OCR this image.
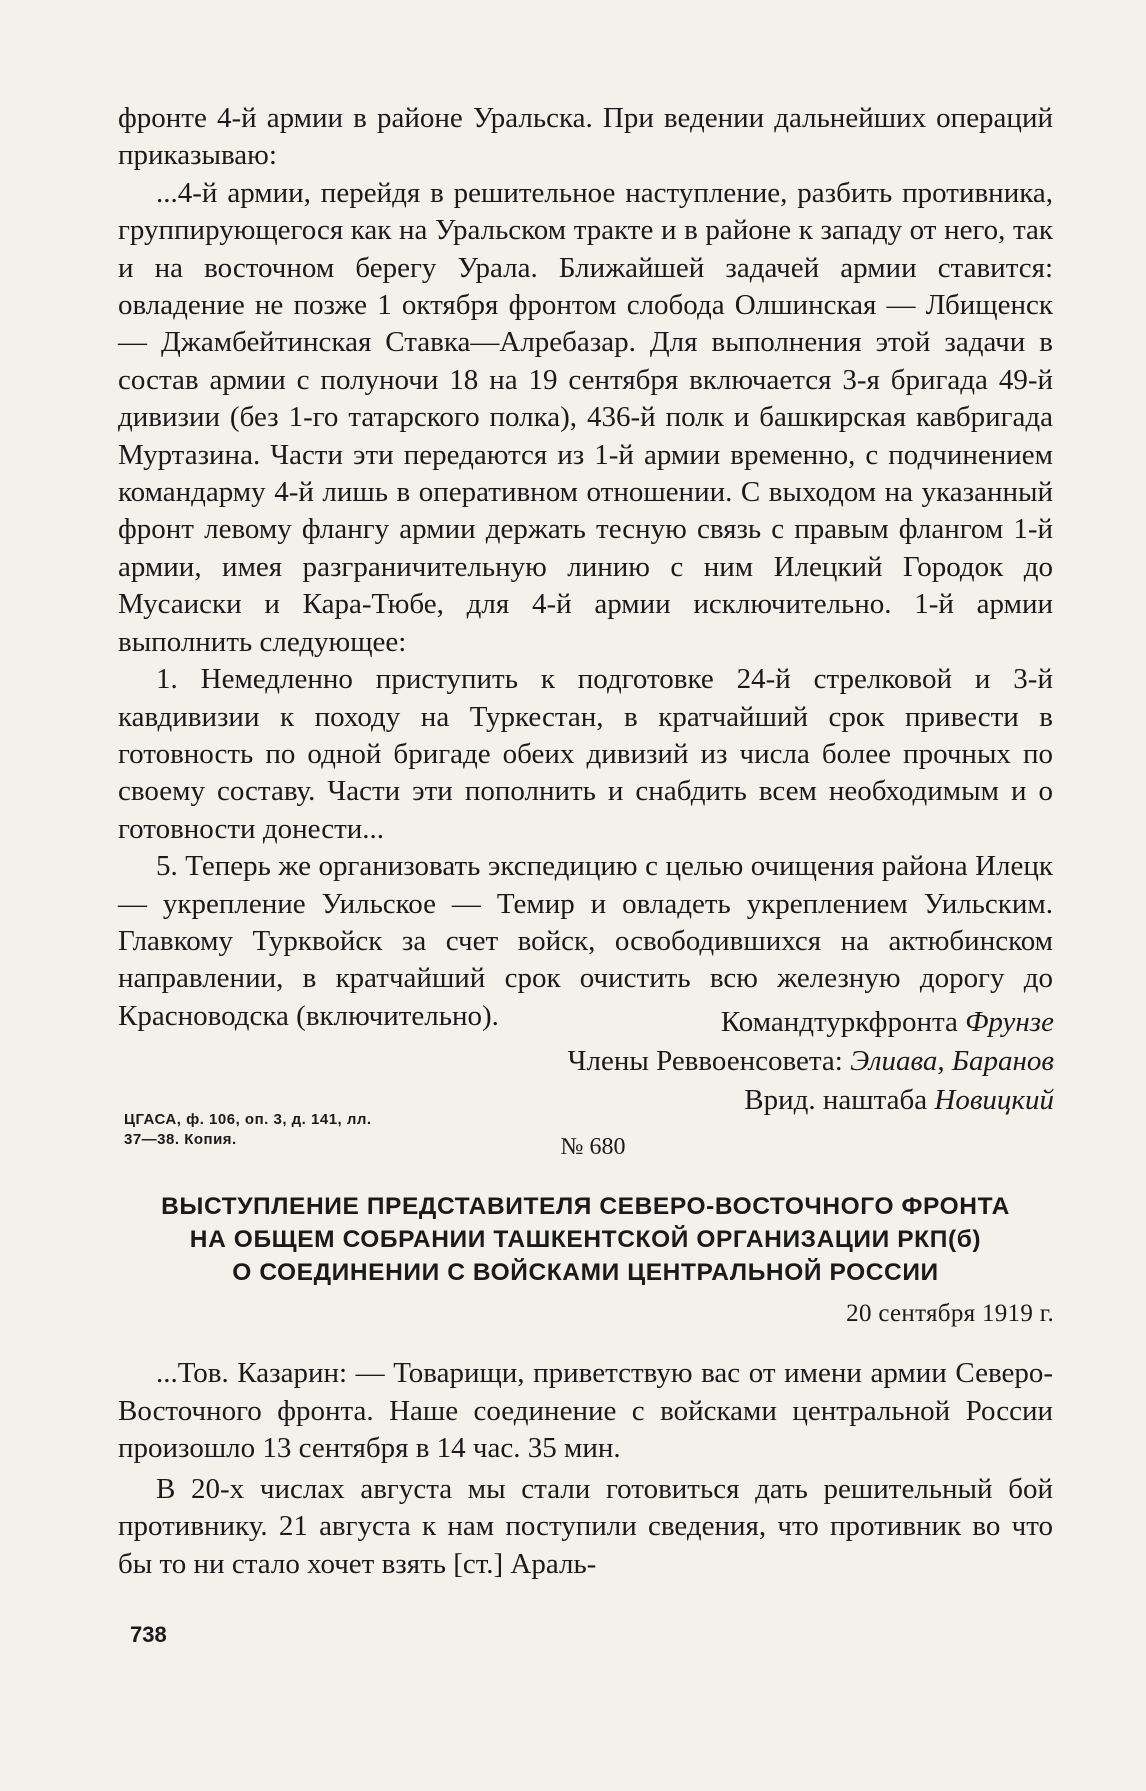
фронте 4-й армии в районе Уральска. При ведении дальнейших операций приказываю:

...4-й армии, перейдя в решительное наступление, разбить противника, группирующегося как на Уральском тракте и в районе к западу от него, так и на восточном берегу Урала. Ближайшей задачей армии ставится: овладение не позже 1 октября фронтом слобода Олшинская — Лбищенск — Джамбейтинская Ставка—Алребазар. Для выполнения этой задачи в состав армии с полуночи 18 на 19 сентября включается 3-я бригада 49-й дивизии (без 1-го татарского полка), 436-й полк и башкирская кавбригада Муртазина. Части эти передаются из 1-й армии временно, с подчинением командарму 4-й лишь в оперативном отношении. С выходом на указанный фронт левому флангу армии держать тесную связь с правым флангом 1-й армии, имея разграничительную линию с ним Илецкий Городок до Мусаиски и Кара-Тюбе, для 4-й армии исключительно. 1-й армии выполнить следующее:

1. Немедленно приступить к подготовке 24-й стрелковой и 3-й кавдивизии к походу на Туркестан, в кратчайший срок привести в готовность по одной бригаде обеих дивизий из числа более прочных по своему составу. Части эти пополнить и снабдить всем необходимым и о готовности донести...

5. Теперь же организовать экспедицию с целью очищения района Илецк — укрепление Уильское — Темир и овладеть укреплением Уильским. Главкому Турквойск за счет войск, освободившихся на актюбинском направлении, в кратчайший срок очистить всю железную дорогу до Красноводска (включительно).	Командтуркфронта Фрунзе
Члены Реввоенсовета: Элиава, Баранов
Врид. наштаба Новицкий
ЦГАСА, ф. 106, оп. 3, д. 141, лл.
37—38. Копия.	№ 680
ВЫСТУПЛЕНИЕ ПРЕДСТАВИТЕЛЯ СЕВЕРО-ВОСТОЧНОГО ФРОНТА
НА ОБЩЕМ СОБРАНИИ ТАШКЕНТСКОЙ ОРГАНИЗАЦИИ РКП(б)
О СОЕДИНЕНИИ С ВОЙСКАМИ ЦЕНТРАЛЬНОЙ РОССИИ
20 сентября 1919 г.

...Тов. Казарин: — Товарищи, приветствую вас от имени армии Северо-Восточного фронта. Наше соединение с войсками центральной России произошло 13 сентября в 14 час. 35 мин.

В 20-х числах августа мы стали готовиться дать решительный бой противнику. 21 августа к нам поступили сведения, что противник во что бы то ни стало хочет взять [ст.] Араль-

738
